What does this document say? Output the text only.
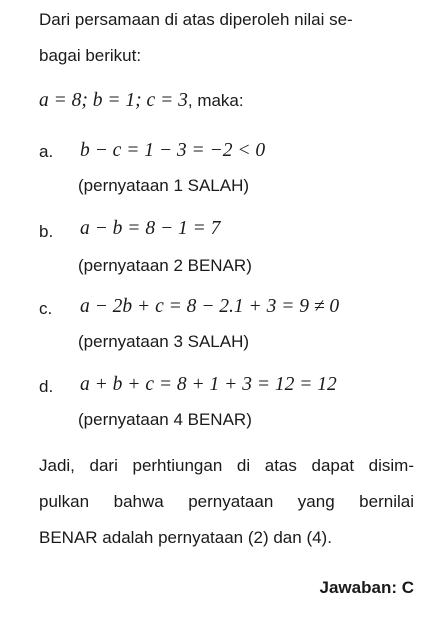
Dari persamaan di atas diperoleh nilai se-
bagai berikut:
a = 8; b = 1; c = 3, maka:
a. b − c = 1 − 3 = −2 < 0
(pernyataan 1 SALAH)
b. a − b = 8 − 1 = 7
(pernyataan 2 BENAR)
c. a − 2b + c = 8 − 2.1 + 3 = 9 ≠ 0
(pernyataan 3 SALAH)
d. a + b + c = 8 + 1 + 3 = 12 = 12
(pernyataan 4 BENAR)
Jadi, dari perhtiungan di atas dapat disim-
pulkan bahwa pernyataan yang bernilai
BENAR adalah pernyataan (2) dan (4).
Jawaban: C
